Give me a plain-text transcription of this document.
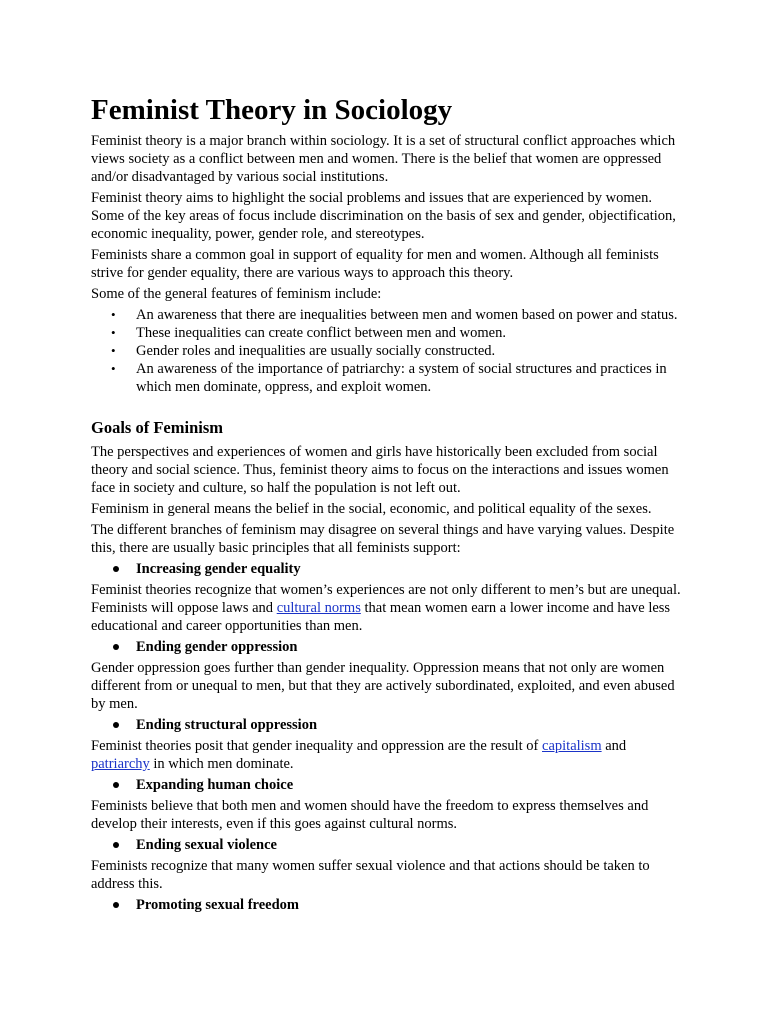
Feminist Theory in Sociology

Feminist theory is a major branch within sociology. It is a set of structural conflict approaches which views society as a conflict between men and women. There is the belief that women are oppressed and/or disadvantaged by various social institutions.

Feminist theory aims to highlight the social problems and issues that are experienced by women. Some of the key areas of focus include discrimination on the basis of sex and gender, objectification, economic inequality, power, gender role, and stereotypes.

Feminists share a common goal in support of equality for men and women. Although all feminists strive for gender equality, there are various ways to approach this theory.

Some of the general features of feminism include:

• An awareness that there are inequalities between men and women based on power and status.
• These inequalities can create conflict between men and women.
• Gender roles and inequalities are usually socially constructed.
• An awareness of the importance of patriarchy: a system of social structures and practices in which men dominate, oppress, and exploit women.
Goals of Feminism

The perspectives and experiences of women and girls have historically been excluded from social theory and social science. Thus, feminist theory aims to focus on the interactions and issues women face in society and culture, so half the population is not left out.

Feminism in general means the belief in the social, economic, and political equality of the sexes.

The different branches of feminism may disagree on several things and have varying values. Despite this, there are usually basic principles that all feminists support:

Increasing gender equality

Feminist theories recognize that women’s experiences are not only different to men’s but are unequal. Feminists will oppose laws and cultural norms that mean women earn a lower income and have less educational and career opportunities than men.

Ending gender oppression

Gender oppression goes further than gender inequality. Oppression means that not only are women different from or unequal to men, but that they are actively subordinated, exploited, and even abused by men.

Ending structural oppression

Feminist theories posit that gender inequality and oppression are the result of capitalism and patriarchy in which men dominate.

Expanding human choice

Feminists believe that both men and women should have the freedom to express themselves and develop their interests, even if this goes against cultural norms.

Ending sexual violence

Feminists recognize that many women suffer sexual violence and that actions should be taken to address this.

Promoting sexual freedom
